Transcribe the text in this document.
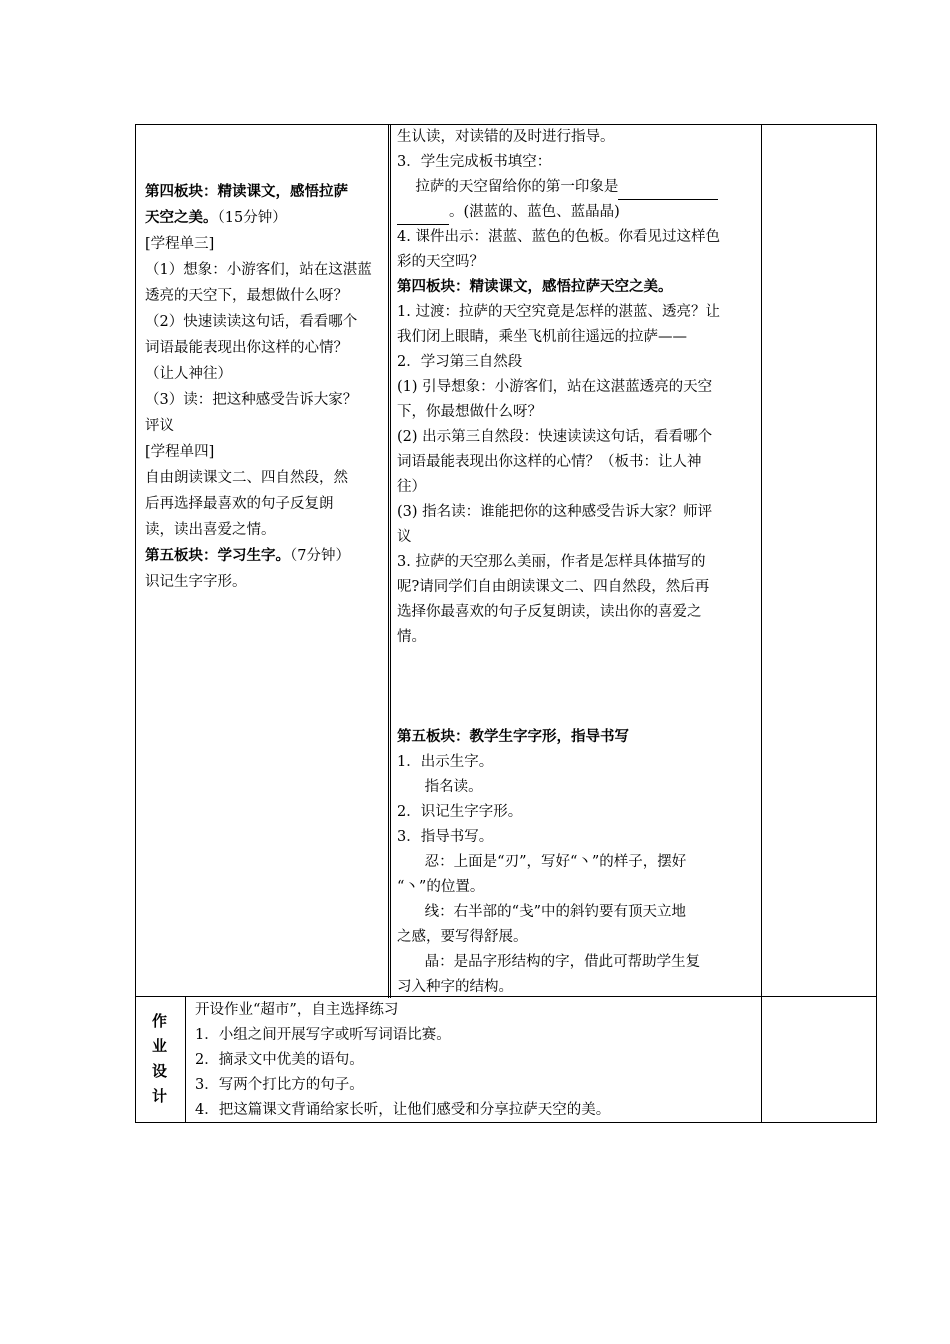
第四板块：精读课文，感悟拉萨
天空之美。（15分钟）
[学程单三]
（1）想象：小游客们，站在这湛蓝
透亮的天空下，最想做什么呀？
（2）快速读读这句话，看看哪个
词语最能表现出你这样的心情？
（让人神往）
（3）读：把这种感受告诉大家？
评议
[学程单四]
自由朗读课文二、四自然段，然
后再选择最喜欢的句子反复朗
读，读出喜爱之情。
第五板块：学习生字。（7分钟）
识记生字字形。
生认读，对读错的及时进行指导。
3．学生完成板书填空：
拉萨的天空留给你的第一印象是
。(湛蓝的、蓝色、蓝晶晶)
4. 课件出示：湛蓝、蓝色的色板。你看见过这样色
彩的天空吗？
第四板块：精读课文，感悟拉萨天空之美。
1. 过渡：拉萨的天空究竟是怎样的湛蓝、透亮？让
我们闭上眼睛，乘坐飞机前往遥远的拉萨——
2．学习第三自然段
(1) 引导想象：小游客们，站在这湛蓝透亮的天空
下，你最想做什么呀？
(2) 出示第三自然段：快速读读这句话，看看哪个
词语最能表现出你这样的心情？（板书：让人神
往）
(3) 指名读：谁能把你的这种感受告诉大家？师评
议
3. 拉萨的天空那么美丽，作者是怎样具体描写的
呢?请同学们自由朗读课文二、四自然段，然后再
选择你最喜欢的句子反复朗读，读出你的喜爱之
情。
第五板块：教学生字字形，指导书写
1．出示生字。
指名读。
2．识记生字字形。
3．指导书写。
忍：上面是“刃”，写好“丶”的样子，摆好
“丶”的位置。
线：右半部的“戋”中的斜钓要有顶天立地
之感，要写得舒展。
晶：是品字形结构的字，借此可帮助学生复
习入种字的结构。
作
业
设
计
开设作业“超市”，自主选择练习
1．小组之间开展写字或听写词语比赛。
2．摘录文中优美的语句。
3．写两个打比方的句子。
4．把这篇课文背诵给家长听，让他们感受和分享拉萨天空的美。
